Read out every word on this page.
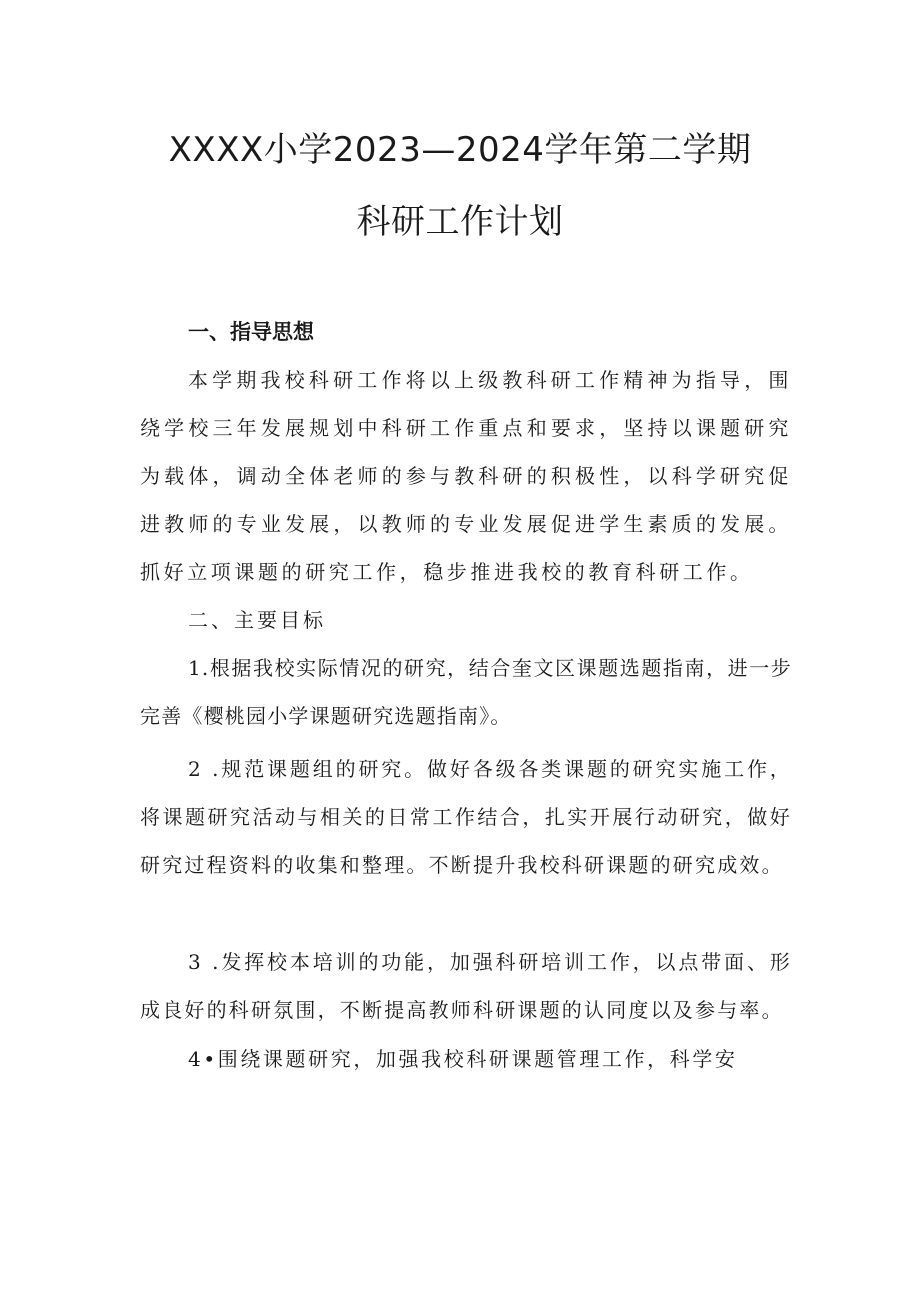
XXXX小学2023—2024学年第二学期
科研工作计划
一、指导思想

本学期我校科研工作将以上级教科研工作精神为指导，围绕学校三年发展规划中科研工作重点和要求，坚持以课题研究为载体，调动全体老师的参与教科研的积极性，以科学研究促进教师的专业发展，以教师的专业发展促进学生素质的发展。抓好立项课题的研究工作，稳步推进我校的教育科研工作。

二、主要目标

1.根据我校实际情况的研究，结合奎文区课题选题指南，进一步完善《樱桃园小学课题研究选题指南》。

2 .规范课题组的研究。做好各级各类课题的研究实施工作，将课题研究活动与相关的日常工作结合，扎实开展行动研究，做好研究过程资料的收集和整理。不断提升我校科研课题的研究成效。

3 .发挥校本培训的功能，加强科研培训工作，以点带面、形成良好的科研氛围，不断提高教师科研课题的认同度以及参与率。

4•围绕课题研究，加强我校科研课题管理工作，科学安
